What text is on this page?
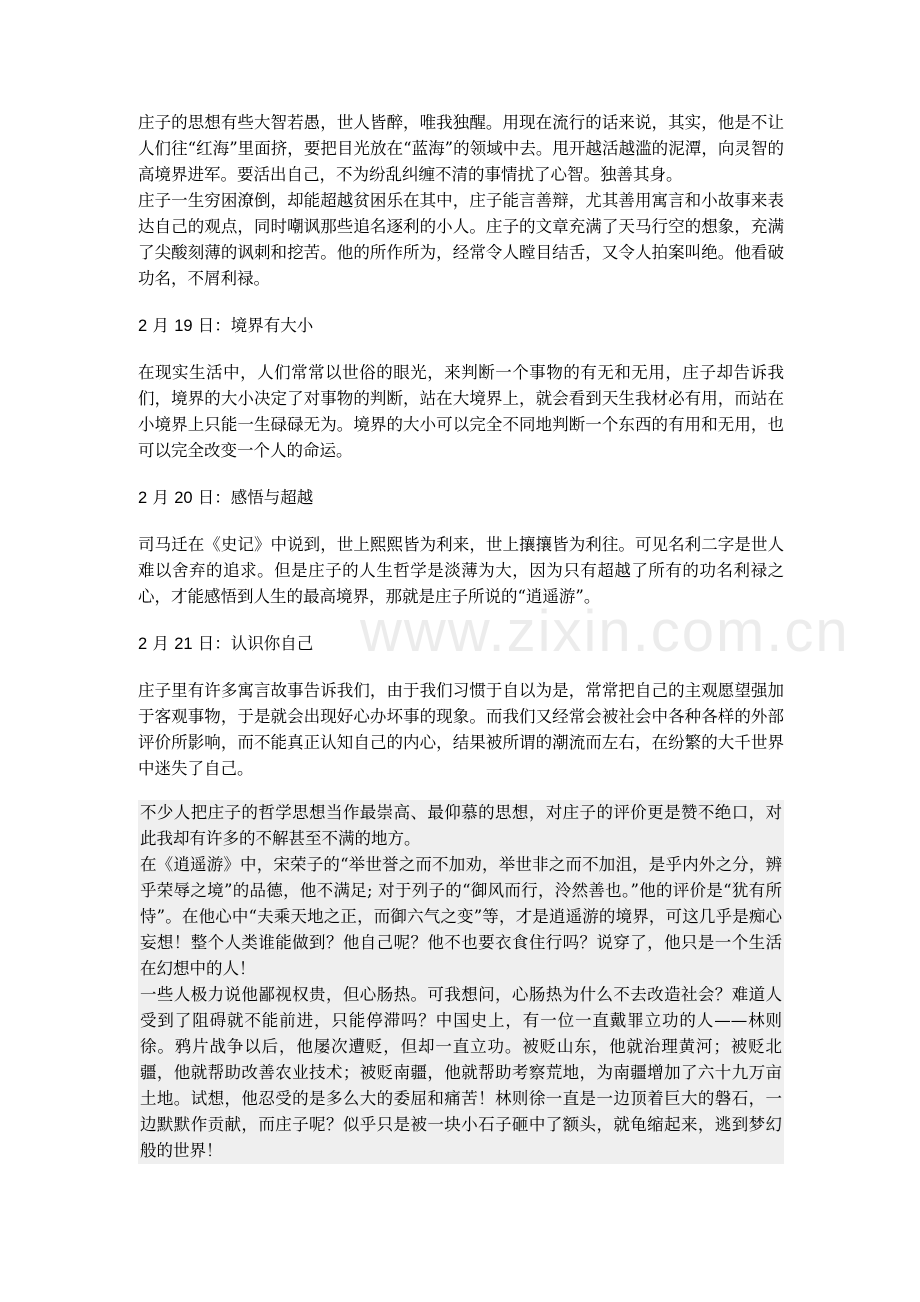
www.zixin.com.cn

庄子的思想有些大智若愚，世人皆醉，唯我独醒。用现在流行的话来说，其实，他是不让人们往“红海”里面挤，要把目光放在“蓝海”的领域中去。甩开越活越滥的泥潭，向灵智的高境界进军。要活出自己，不为纷乱纠缠不清的事情扰了心智。独善其身。

庄子一生穷困潦倒，却能超越贫困乐在其中，庄子能言善辩，尤其善用寓言和小故事来表达自己的观点，同时嘲讽那些追名逐利的小人。庄子的文章充满了天马行空的想象，充满了尖酸刻薄的讽刺和挖苦。他的所作所为，经常令人瞠目结舌，又令人拍案叫绝。他看破功名，不屑利禄。

2 月 19 日：境界有大小

在现实生活中，人们常常以世俗的眼光，来判断一个事物的有无和无用，庄子却告诉我们，境界的大小决定了对事物的判断，站在大境界上，就会看到天生我材必有用，而站在小境界上只能一生碌碌无为。境界的大小可以完全不同地判断一个东西的有用和无用，也可以完全改变一个人的命运。

2 月 20 日：感悟与超越

司马迁在《史记》中说到，世上熙熙皆为利来，世上攘攘皆为利往。可见名利二字是世人难以舍弃的追求。但是庄子的人生哲学是淡薄为大，因为只有超越了所有的功名利禄之心，才能感悟到人生的最高境界，那就是庄子所说的“逍遥游”。

2 月 21 日：认识你自己

庄子里有许多寓言故事告诉我们，由于我们习惯于自以为是，常常把自己的主观愿望强加于客观事物，于是就会出现好心办坏事的现象。而我们又经常会被社会中各种各样的外部评价所影响，而不能真正认知自己的内心，结果被所谓的潮流而左右，在纷繁的大千世界中迷失了自己。

不少人把庄子的哲学思想当作最崇高、最仰慕的思想，对庄子的评价更是赞不绝口，对此我却有许多的不解甚至不满的地方。

在《逍遥游》中，宋荣子的“举世誉之而不加劝，举世非之而不加沮，是乎内外之分，辨乎荣辱之境”的品德，他不满足; 对于列子的“御风而行，泠然善也。”他的评价是“犹有所恃”。在他心中“夫乘天地之正，而御六气之变”等，才是逍遥游的境界，可这几乎是痴心妄想！整个人类谁能做到？他自己呢？他不也要衣食住行吗？说穿了，他只是一个生活在幻想中的人！

一些人极力说他鄙视权贵，但心肠热。可我想问，心肠热为什么不去改造社会？难道人受到了阻碍就不能前进，只能停滞吗？中国史上，有一位一直戴罪立功的人——林则徐。鸦片战争以后，他屡次遭贬，但却一直立功。被贬山东，他就治理黄河；被贬北疆，他就帮助改善农业技术；被贬南疆，他就帮助考察荒地，为南疆增加了六十九万亩土地。试想，他忍受的是多么大的委屈和痛苦！林则徐一直是一边顶着巨大的磐石，一边默默作贡献，而庄子呢？似乎只是被一块小石子砸中了额头，就龟缩起来，逃到梦幻般的世界！
